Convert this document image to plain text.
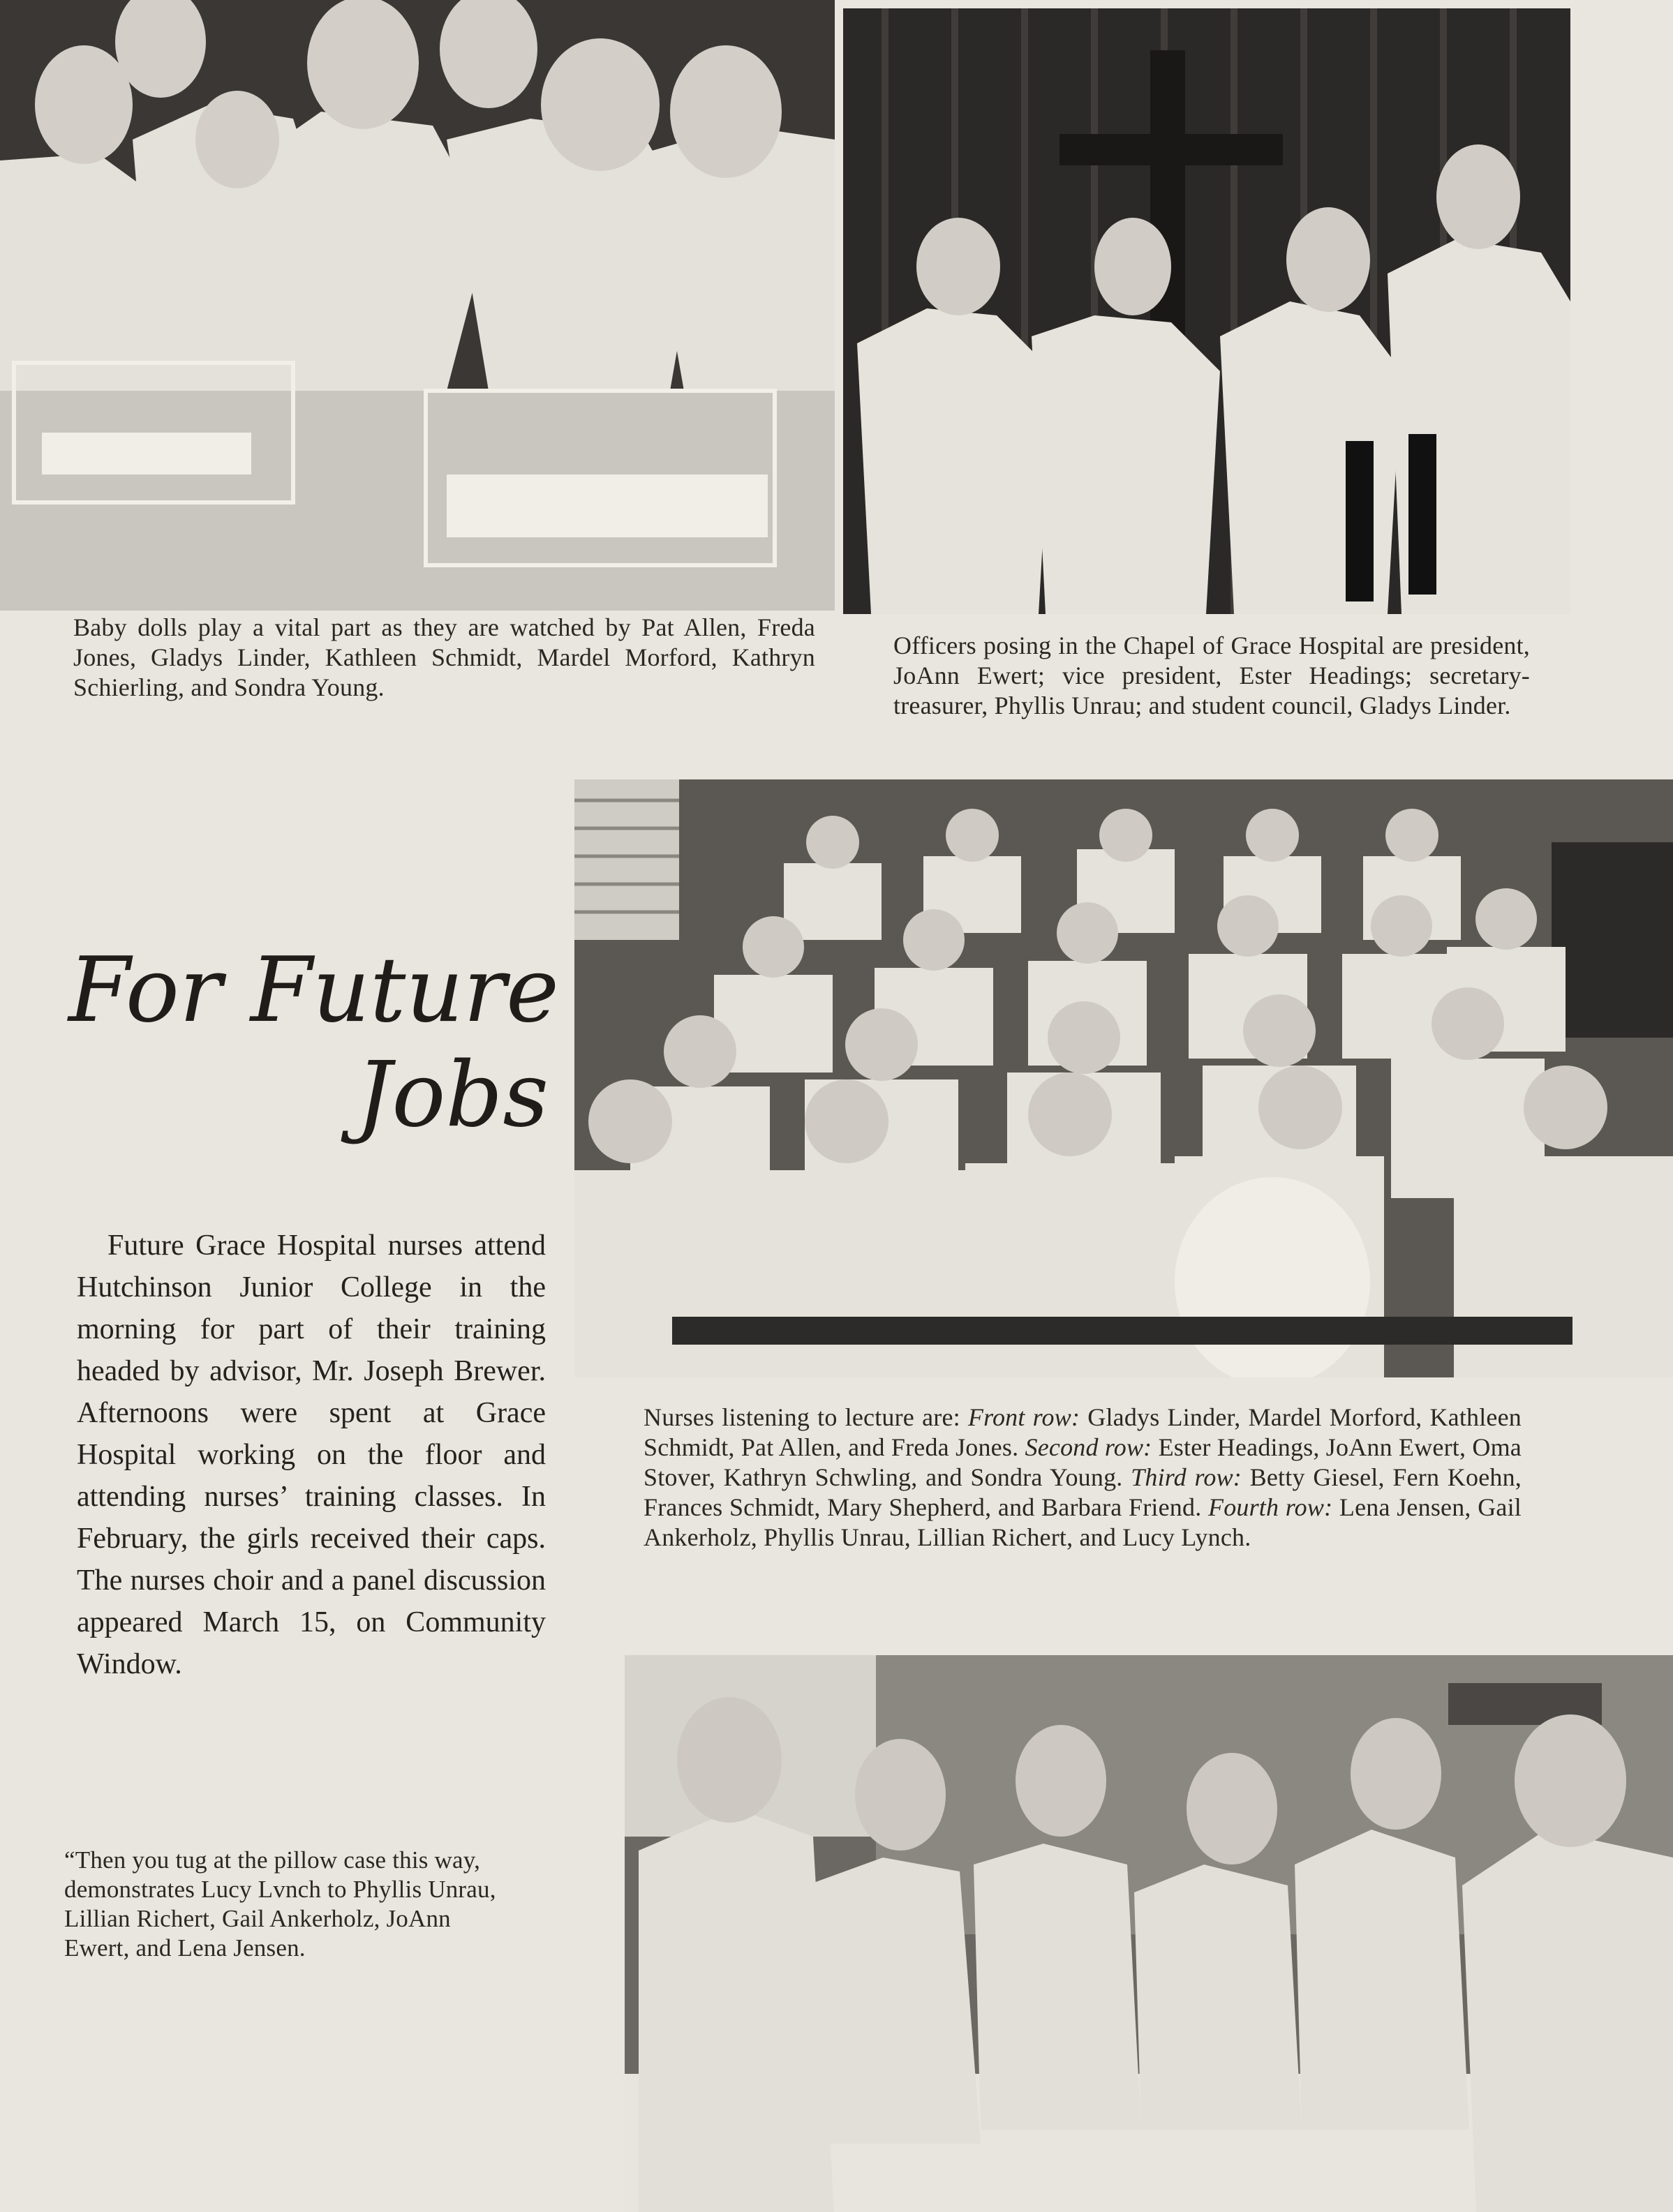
Baby dolls play a vital part as they are watched by Pat Allen, Freda Jones, Gladys Linder, Kathleen Schmidt, Mardel Morford, Kathryn Schierling, and Sondra Young.
Officers posing in the Chapel of Grace Hospital are president, JoAnn Ewert; vice president, Ester Headings; secretary-treasurer, Phyllis Unrau; and student council, Gladys Linder.
Nurses listening to lecture are: Front row: Gladys Linder, Mardel Morford, Kathleen Schmidt, Pat Allen, and Freda Jones. Second row: Ester Headings, JoAnn Ewert, Oma Stover, Kathryn Schwling, and Sondra Young. Third row: Betty Giesel, Fern Koehn, Frances Schmidt, Mary Shepherd, and Barbara Friend. Fourth row: Lena Jensen, Gail Ankerholz, Phyllis Unrau, Lillian Richert, and Lucy Lynch.
“Then you tug at the pillow case this way, demonstrates Lucy Lvnch to Phyllis Unrau, Lillian Richert, Gail Ankerholz, JoAnn Ewert, and Lena Jensen.
For Future
Jobs
Future Grace Hospital nurses attend Hutchinson Junior College in the morning for part of their training headed by advisor, Mr. Joseph Brewer. Afternoons were spent at Grace Hospital working on the floor and attending nurses’ training classes. In February, the girls received their caps. The nurses choir and a panel discussion appeared March 15, on Community Window.
